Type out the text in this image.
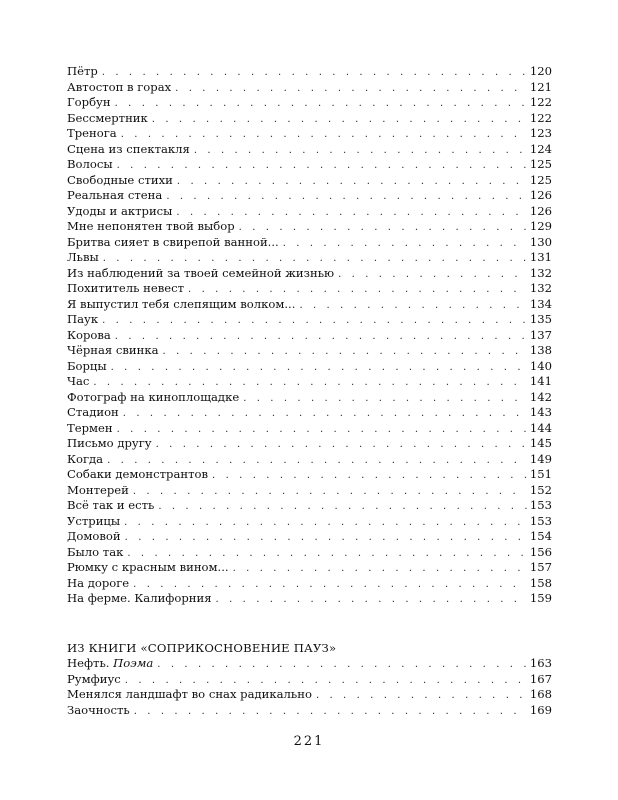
Пётр . . .	120
Автостоп в горах . . .	121
Горбун . . .	122
Бессмертник . . .	122
Тренога . . .	123
Сцена из спектакля . . .	124
Волосы . . .	125
Свободные стихи . . .	125
Реальная стена . . .	126
Удоды и актрисы . . .	126
Мне непонятен твой выбор . . .	129
Бритва сияет в свирепой ванной... . . .	130
Львы . . .	131
Из наблюдений за твоей семейной жизнью . . .	132
Похититель невест . . .	132
Я выпустил тебя слепящим волком... . . .	134
Паук . . .	135
Корова . . .	137
Чёрная свинка . . .	138
Борцы . . .	140
Час . . .	141
Фотограф на киноплощадке . . .	142
Стадион . . .	143
Термен . . .	144
Письмо другу . . .	145
Когда . . .	149
Собаки демонстрантов . . .	151
Монтерей . . .	152
Всё так и есть . . .	153
Устрицы . . .	153
Домовой . . .	154
Было так . . .	156
Рюмку с красным вином... . . .	157
На дороге . . .	158
На ферме. Калифорния . . .	159
ИЗ КНИГИ «СОПРИКОСНОВЕНИЕ ПАУЗ»
Нефть. Поэма . . .	163
Румфиус . . .	167
Менялся ландшафт во снах радикально . . .	168
Заочность . . .	169
221
